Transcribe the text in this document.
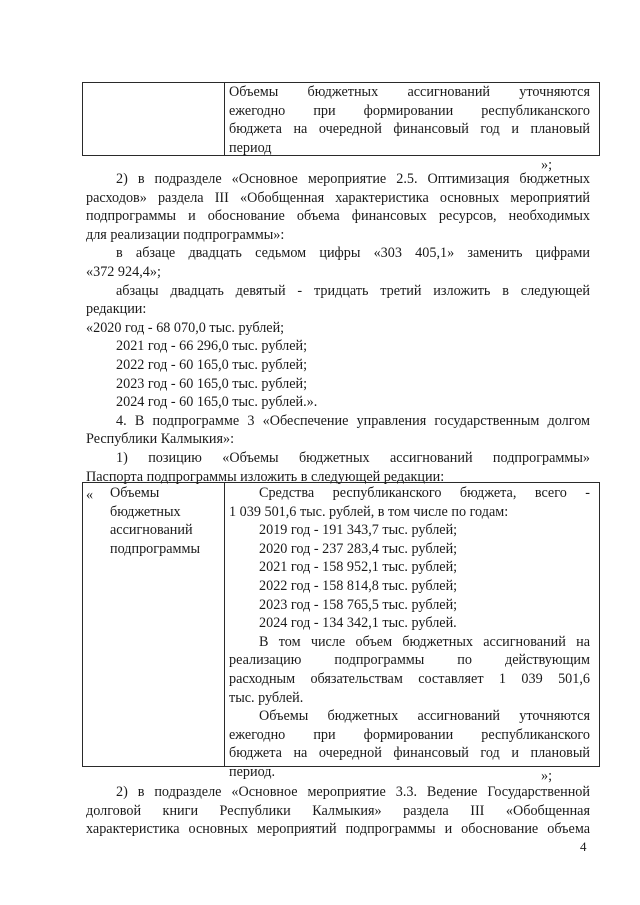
Объемы бюджетных ассигнований уточняются
ежегодно при формировании республиканского
бюджета на очередной финансовый год и плановый
период
»;
2) в подразделе «Основное мероприятие 2.5. Оптимизация бюджетных
расходов» раздела III «Обобщенная характеристика основных мероприятий
подпрограммы и обоснование объема финансовых ресурсов, необходимых
для реализации подпрограммы»:
в абзаце двадцать седьмом цифры «303 405,1» заменить цифрами
«372 924,4»;
абзацы двадцать девятый - тридцать третий изложить в следующей
редакции:
«2020 год - 68 070,0 тыс. рублей;
2021 год - 66 296,0 тыс. рублей;
2022 год - 60 165,0 тыс. рублей;
2023 год - 60 165,0 тыс. рублей;
2024 год - 60 165,0 тыс. рублей.».
4. В подпрограмме 3 «Обеспечение управления государственным долгом
Республики Калмыкия»:
1) позицию «Объемы бюджетных ассигнований подпрограммы»
Паспорта подпрограммы изложить в следующей редакции:
«	Объемы
бюджетных
ассигнований
подпрограммы
Средства республиканского бюджета, всего -
1 039 501,6 тыс. рублей, в том числе по годам:
2019 год - 191 343,7 тыс. рублей;
2020 год - 237 283,4 тыс. рублей;
2021 год - 158 952,1 тыс. рублей;
2022 год - 158 814,8 тыс. рублей;
2023 год - 158 765,5 тыс. рублей;
2024 год - 134 342,1 тыс. рублей.
В том числе объем бюджетных ассигнований на
реализацию подпрограммы по действующим
расходным обязательствам составляет 1 039 501,6
тыс. рублей.
Объемы бюджетных ассигнований уточняются
ежегодно при формировании республиканского
бюджета на очередной финансовый год и плановый
период.	»;
2) в подразделе «Основное мероприятие 3.3. Ведение Государственной
долговой книги Республики Калмыкия» раздела III «Обобщенная
характеристика основных мероприятий подпрограммы и обоснование объема
4
